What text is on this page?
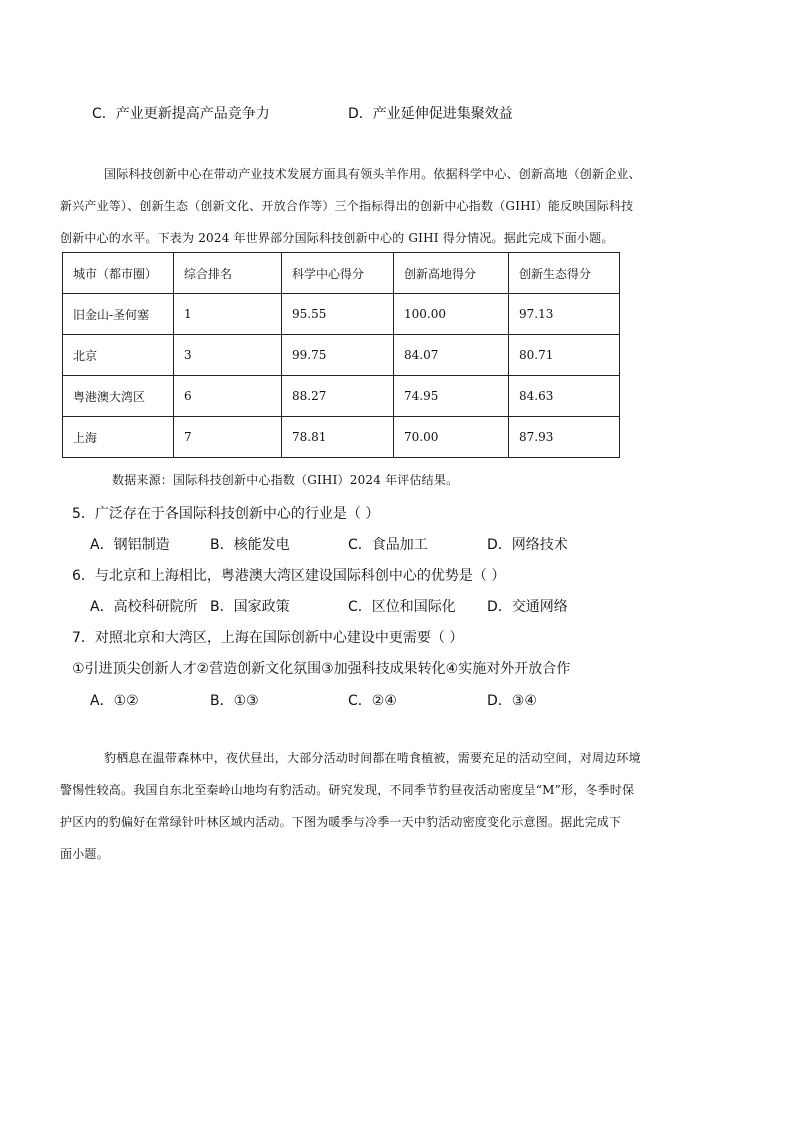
C．产业更新提高产品竞争力	D．产业延伸促进集聚效益
国际科技创新中心在带动产业技术发展方面具有领头羊作用。依据科学中心、创新高地（创新企业、
新兴产业等）、创新生态（创新文化、开放合作等）三个指标得出的创新中心指数（GIHI）能反映国际科技
创新中心的水平。下表为 2024 年世界部分国际科技创新中心的 GIHI 得分情况。据此完成下面小题。
城市（都市圈）	综合排名	科学中心得分	创新高地得分	创新生态得分
旧金山-圣何塞	1	95.55	100.00	97.13
北京	3	99.75	84.07	80.71
粤港澳大湾区	6	88.27	74.95	84.63
上海	7	78.81	70.00	87.93
数据来源：国际科技创新中心指数（GIHI）2024 年评估结果。
5．广泛存在于各国际科技创新中心的行业是（ ）
A．钢铝制造	B．核能发电	C．食品加工	D．网络技术
6．与北京和上海相比，粤港澳大湾区建设国际科创中心的优势是（ ）
A．高校科研院所 B．国家政策	C．区位和国际化 D．交通网络
7．对照北京和大湾区，上海在国际创新中心建设中更需要（ ）
①引进顶尖创新人才②营造创新文化氛围③加强科技成果转化④实施对外开放合作
A．①②	B．①③	C．②④	D．③④
豹栖息在温带森林中，夜伏昼出，大部分活动时间都在啃食植被，需要充足的活动空间，对周边环境
警惕性较高。我国自东北至秦岭山地均有豹活动。研究发现，不同季节豹昼夜活动密度呈“M”形，冬季时保
护区内的豹偏好在常绿针叶林区域内活动。下图为暖季与冷季一天中豹活动密度变化示意图。据此完成下
面小题。
